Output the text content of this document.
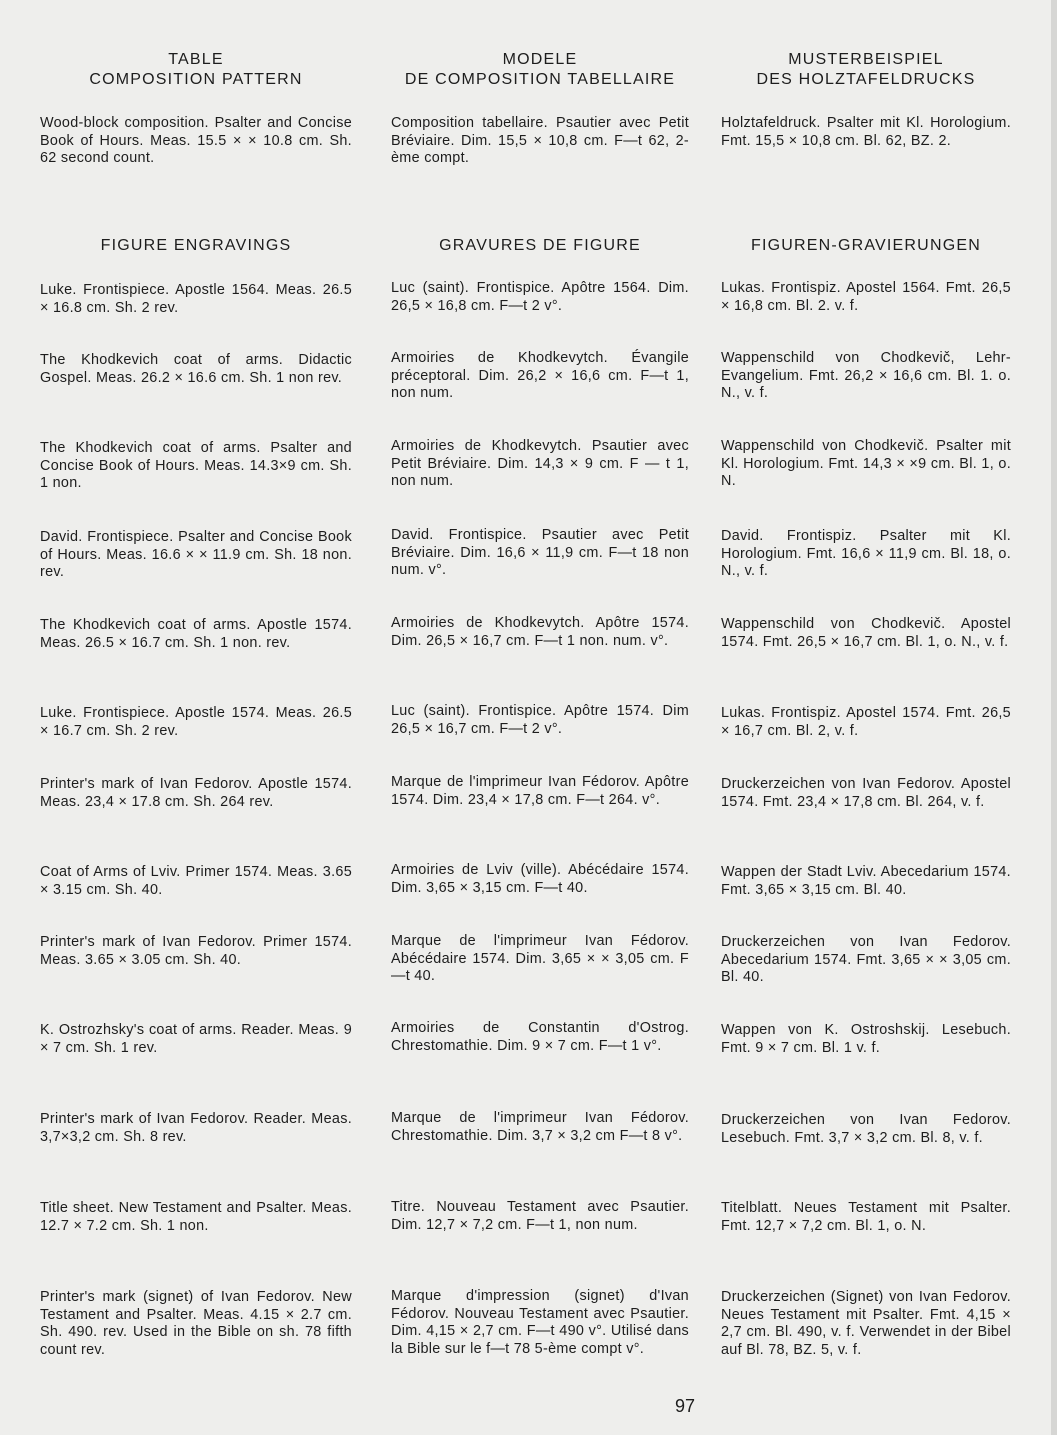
TABLE
COMPOSITION PATTERN
Wood-block composition. Psalter and Concise Book of Hours. Meas. 15.5 × × 10.8 cm. Sh. 62 second count.
FIGURE ENGRAVINGS
Luke. Frontispiece. Apostle 1564. Meas. 26.5 × 16.8 cm. Sh. 2 rev.
The Khodkevich coat of arms. Didactic Gospel. Meas. 26.2 × 16.6 cm. Sh. 1 non rev.
The Khodkevich coat of arms. Psalter and Concise Book of Hours. Meas. 14.3×9 cm. Sh. 1 non.
David. Frontispiece. Psalter and Concise Book of Hours. Meas. 16.6 × × 11.9 cm. Sh. 18 non. rev.
The Khodkevich coat of arms. Apostle 1574. Meas. 26.5 × 16.7 cm. Sh. 1 non. rev.
Luke. Frontispiece. Apostle 1574. Meas. 26.5 × 16.7 cm. Sh. 2 rev.
Printer's mark of Ivan Fedorov. Apostle 1574. Meas. 23,4 × 17.8 cm. Sh. 264 rev.
Coat of Arms of Lviv. Primer 1574. Meas. 3.65 × 3.15 cm. Sh. 40.
Printer's mark of Ivan Fedorov. Primer 1574. Meas. 3.65 × 3.05 cm. Sh. 40.
K. Ostrozhsky's coat of arms. Reader. Meas. 9 × 7 cm. Sh. 1 rev.
Printer's mark of Ivan Fedorov. Reader. Meas. 3,7×3,2 cm. Sh. 8 rev.
Title sheet. New Testament and Psalter. Meas. 12.7 × 7.2 cm. Sh. 1 non.
Printer's mark (signet) of Ivan Fedorov. New Testament and Psalter. Meas. 4.15 × 2.7 cm. Sh. 490. rev. Used in the Bible on sh. 78 fifth count rev.
MODELE
DE COMPOSITION TABELLAIRE
Composition tabellaire. Psautier avec Petit Bréviaire. Dim. 15,5 × 10,8 cm. F—t 62, 2-ème compt.
GRAVURES DE FIGURE
Luc (saint). Frontispice. Apôtre 1564. Dim. 26,5 × 16,8 cm. F—t 2 v°.
Armoiries de Khodkevytch. Évangile préceptoral. Dim. 26,2 × 16,6 cm. F—t 1, non num.
Armoiries de Khodkevytch. Psautier avec Petit Bréviaire. Dim. 14,3 × 9 cm. F — t 1, non num.
David. Frontispice. Psautier avec Petit Bréviaire. Dim. 16,6 × 11,9 cm. F—t 18 non num. v°.
Armoiries de Khodkevytch. Apôtre 1574. Dim. 26,5 × 16,7 cm. F—t 1 non. num. v°.
Luc (saint). Frontispice. Apôtre 1574. Dim 26,5 × 16,7 cm. F—t 2 v°.
Marque de l'imprimeur Ivan Fédorov. Apôtre 1574. Dim. 23,4 × 17,8 cm. F—t 264. v°.
Armoiries de Lviv (ville). Abécédaire 1574. Dim. 3,65 × 3,15 cm. F—t 40.
Marque de l'imprimeur Ivan Fédorov. Abécédaire 1574. Dim. 3,65 × × 3,05 cm. F—t 40.
Armoiries de Constantin d'Ostrog. Chrestomathie. Dim. 9 × 7 cm. F—t 1 v°.
Marque de l'imprimeur Ivan Fédorov. Chrestomathie. Dim. 3,7 × 3,2 cm F—t 8 v°.
Titre. Nouveau Testament avec Psautier. Dim. 12,7 × 7,2 cm. F—t 1, non num.
Marque d'impression (signet) d'Ivan Fédorov. Nouveau Testament avec Psautier. Dim. 4,15 × 2,7 cm. F—t 490 v°. Utilisé dans la Bible sur le f—t 78 5-ème compt v°.
MUSTERBEISPIEL
DES HOLZTAFELDRUCKS
Holztafeldruck. Psalter mit Kl. Horologium. Fmt. 15,5 × 10,8 cm. Bl. 62, BZ. 2.
FIGUREN-GRAVIERUNGEN
Lukas. Frontispiz. Apostel 1564. Fmt. 26,5 × 16,8 cm. Bl. 2. v. f.
Wappenschild von Chodkevič, Lehr-Evangelium. Fmt. 26,2 × 16,6 cm. Bl. 1. o. N., v. f.
Wappenschild von Chodkevič. Psalter mit Kl. Horologium. Fmt. 14,3 × ×9 cm. Bl. 1, o. N.
David. Frontispiz. Psalter mit Kl. Horologium. Fmt. 16,6 × 11,9 cm. Bl. 18, o. N., v. f.
Wappenschild von Chodkevič. Apostel 1574. Fmt. 26,5 × 16,7 cm. Bl. 1, o. N., v. f.
Lukas. Frontispiz. Apostel 1574. Fmt. 26,5 × 16,7 cm. Bl. 2, v. f.
Druckerzeichen von Ivan Fedorov. Apostel 1574. Fmt. 23,4 × 17,8 cm. Bl. 264, v. f.
Wappen der Stadt Lviv. Abecedarium 1574. Fmt. 3,65 × 3,15 cm. Bl. 40.
Druckerzeichen von Ivan Fedorov. Abecedarium 1574. Fmt. 3,65 × × 3,05 cm. Bl. 40.
Wappen von K. Ostroshskij. Lesebuch. Fmt. 9 × 7 cm. Bl. 1 v. f.
Druckerzeichen von Ivan Fedorov. Lesebuch. Fmt. 3,7 × 3,2 cm. Bl. 8, v. f.
Titelblatt. Neues Testament mit Psalter. Fmt. 12,7 × 7,2 cm. Bl. 1, o. N.
Druckerzeichen (Signet) von Ivan Fedorov. Neues Testament mit Psalter. Fmt. 4,15 × 2,7 cm. Bl. 490, v. f. Verwendet in der Bibel auf Bl. 78, BZ. 5, v. f.
97
